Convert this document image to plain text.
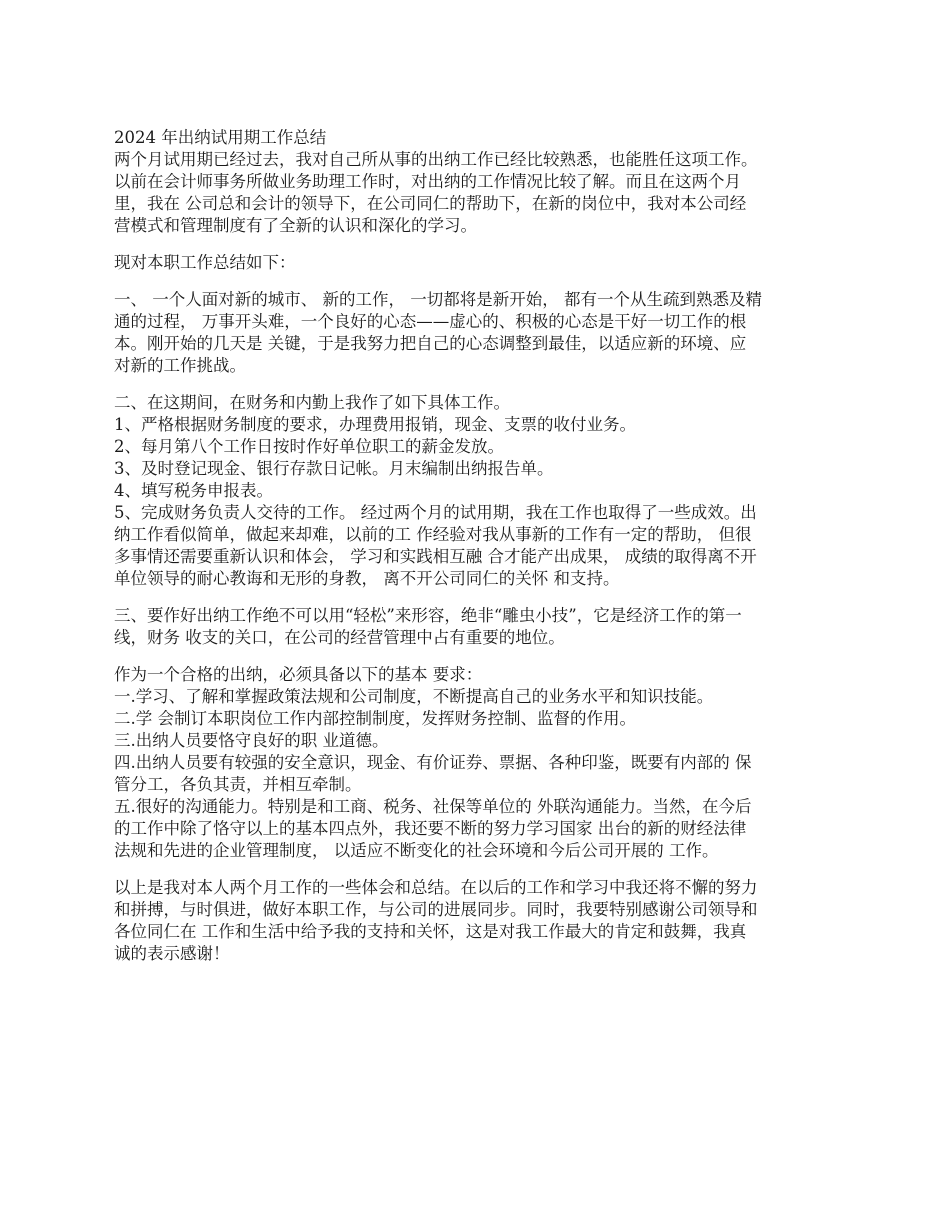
2024 年出纳试用期工作总结
两个月试用期已经过去，我对自己所从事的出纳工作已经比较熟悉，也能胜任这项工作。
以前在会计师事务所做业务助理工作时，对出纳的工作情况比较了解。而且在这两个月
里，我在 公司总和会计的领导下，在公司同仁的帮助下，在新的岗位中，我对本公司经
营模式和管理制度有了全新的认识和深化的学习。
现对本职工作总结如下：
一、 一个人面对新的城市、 新的工作， 一切都将是新开始， 都有一个从生疏到熟悉及精
通的过程， 万事开头难，一个良好的心态——虚心的、积极的心态是干好一切工作的根
本。刚开始的几天是 关键，于是我努力把自己的心态调整到最佳，以适应新的环境、应
对新的工作挑战。
二、在这期间，在财务和内勤上我作了如下具体工作。
1、严格根据财务制度的要求，办理费用报销，现金、支票的收付业务。
2、每月第八个工作日按时作好单位职工的薪金发放。
3、及时登记现金、银行存款日记帐。月末编制出纳报告单。
4、填写税务申报表。
5、完成财务负责人交待的工作。 经过两个月的试用期，我在工作也取得了一些成效。出
纳工作看似简单，做起来却难，以前的工 作经验对我从事新的工作有一定的帮助， 但很
多事情还需要重新认识和体会， 学习和实践相互融 合才能产出成果， 成绩的取得离不开
单位领导的耐心教诲和无形的身教， 离不开公司同仁的关怀 和支持。
三、要作好出纳工作绝不可以用“轻松”来形容，绝非“雕虫小技”，它是经济工作的第一
线，财务 收支的关口，在公司的经营管理中占有重要的地位。
作为一个合格的出纳，必须具备以下的基本 要求：
一.学习、了解和掌握政策法规和公司制度，不断提高自己的业务水平和知识技能。
二.学 会制订本职岗位工作内部控制制度，发挥财务控制、监督的作用。
三.出纳人员要恪守良好的职 业道德。
四.出纳人员要有较强的安全意识，现金、有价证券、票据、各种印鉴，既要有内部的 保
管分工，各负其责，并相互牵制。
五.很好的沟通能力。特别是和工商、税务、社保等单位的 外联沟通能力。当然，在今后
的工作中除了恪守以上的基本四点外，我还要不断的努力学习国家 出台的新的财经法律
法规和先进的企业管理制度， 以适应不断变化的社会环境和今后公司开展的 工作。
以上是我对本人两个月工作的一些体会和总结。在以后的工作和学习中我还将不懈的努力
和拼搏，与时俱进，做好本职工作，与公司的进展同步。同时，我要特别感谢公司领导和
各位同仁在 工作和生活中给予我的支持和关怀，这是对我工作最大的肯定和鼓舞，我真
诚的表示感谢！
